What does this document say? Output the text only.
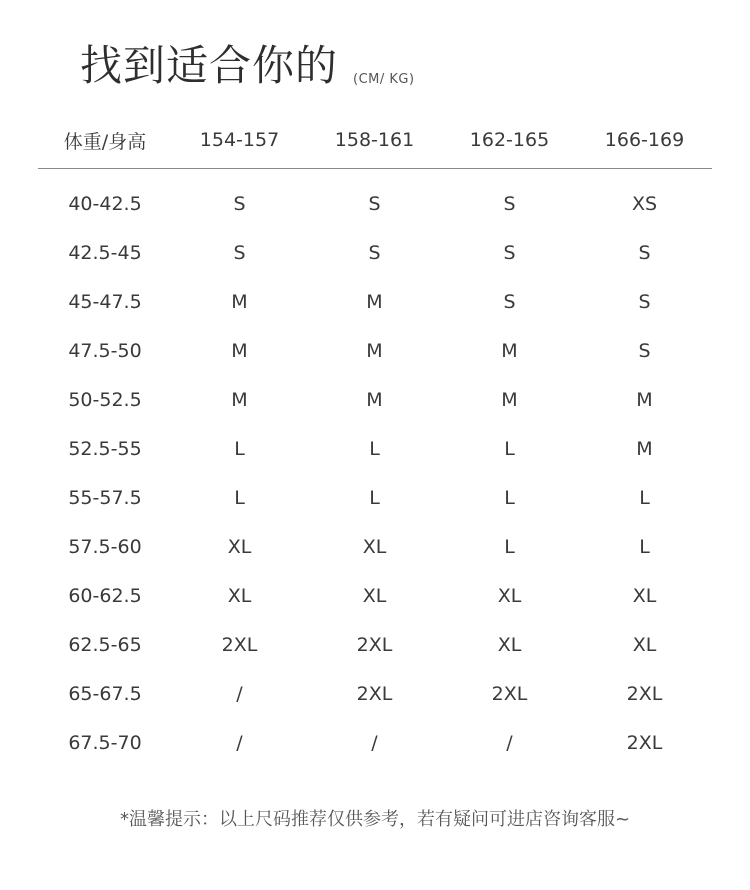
找到适合你的 (CM/ KG)
体重/身高	154-157	158-161	162-165	166-169
40-42.5	S	S	S	XS
42.5-45	S	S	S	S
45-47.5	M	M	S	S
47.5-50	M	M	M	S
50-52.5	M	M	M	M
52.5-55	L	L	L	M
55-57.5	L	L	L	L
57.5-60	XL	XL	L	L
60-62.5	XL	XL	XL	XL
62.5-65	2XL	2XL	XL	XL
65-67.5	/	2XL	2XL	2XL
67.5-70	/	/	/	2XL
*温馨提示：以上尺码推荐仅供参考，若有疑问可进店咨询客服~
